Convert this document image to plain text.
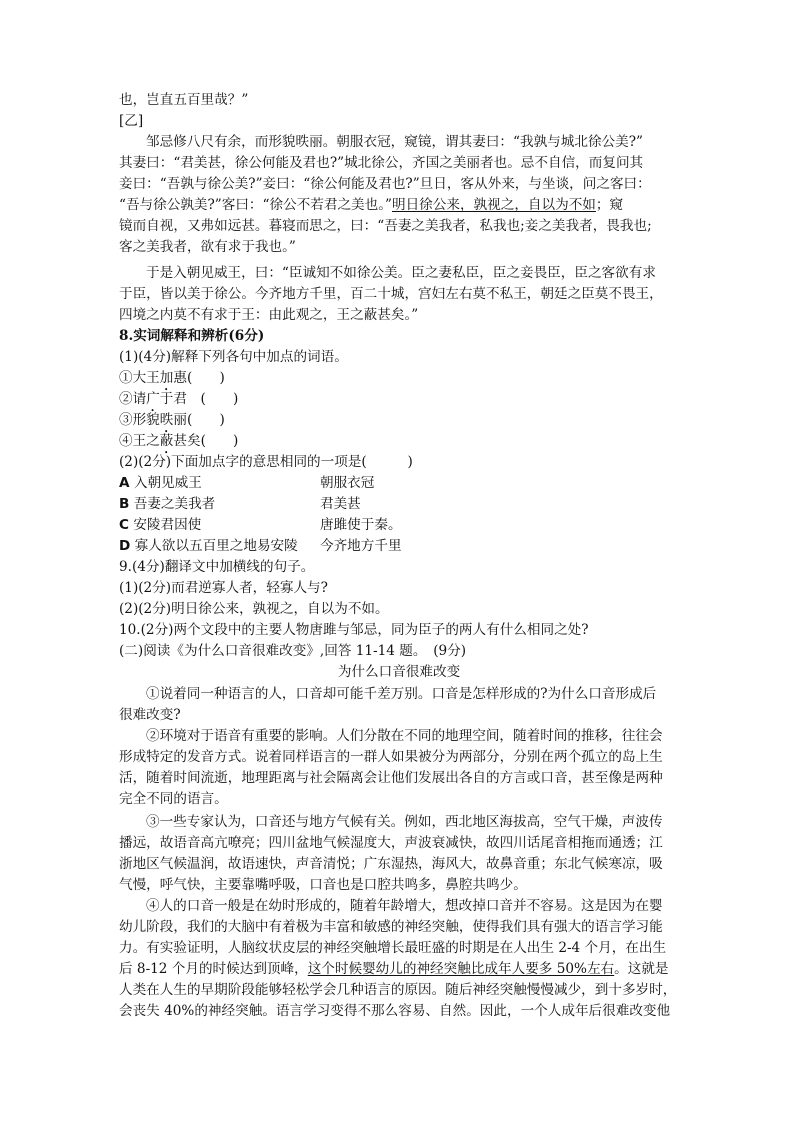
也，岂直五百里哉？”
[乙]
邹忌修八尺有余，而形貌昳丽。朝服衣冠，窥镜，谓其妻曰：“我孰与城北徐公美?”
其妻曰：“君美甚，徐公何能及君也?”城北徐公，齐国之美丽者也。忌不自信，而复问其
妾曰：“吾孰与徐公美?”妾曰：“徐公何能及君也?”旦日，客从外来，与坐谈，问之客曰：
“吾与徐公孰美?”客曰：“徐公不若君之美也。”明日徐公来，孰视之，自以为不如；窥
镜而自视，又弗如远甚。暮寝而思之，曰：“吾妻之美我者，私我也;妾之美我者，畏我也;
客之美我者，欲有求于我也。”
于是入朝见威王，曰：“臣诚知不如徐公美。臣之妻私臣，臣之妾畏臣，臣之客欲有求
于臣，皆以美于徐公。今齐地方千里，百二十城，宫妇左右莫不私王，朝廷之臣莫不畏王，
四境之内莫不有求于王：由此观之，王之蔽甚矣。”
8.实词解释和辨析(6分)
(1)(4分)解释下列各句中加点的词语。
①大王加惠(　　)
②请广于君　(　　)
③形貌昳丽(　　)
④王之蔽甚矣(　　)
(2)(2分)下面加点字的意思相同的一项是(　　　)
A 入朝见威王	朝服衣冠
B 吾妻之美我者	君美甚
C 安陵君因使	唐雎使于秦。
D 寡人欲以五百里之地易安陵	今齐地方千里
9.(4分)翻译文中加横线的句子。
(1)(2分)而君逆寡人者，轻寡人与?
(2)(2分)明日徐公来，孰视之，自以为不如。
10.(2分)两个文段中的主要人物唐雎与邹忌，同为臣子的两人有什么相同之处?
(二)阅读《为什么口音很难改变》,回答 11-14 题。　(9分)
为什么口音很难改变
①说着同一种语言的人，口音却可能千差万别。口音是怎样形成的?为什么口音形成后
很难改变?
②环境对于语音有重要的影响。人们分散在不同的地理空间，随着时间的推移，往往会
形成特定的发音方式。说着同样语言的一群人如果被分为两部分，分别在两个孤立的岛上生
活，随着时间流逝，地理距离与社会隔离会让他们发展出各自的方言或口音，甚至像是两种
完全不同的语言。
③一些专家认为，口音还与地方气候有关。例如，西北地区海拔高，空气干燥，声波传
播远，故语音高亢嘹亮；四川盆地气候湿度大，声波衰减快，故四川话尾音相拖而通透；江
浙地区气候温润，故语速快，声音清悦；广东湿热，海风大，故鼻音重；东北气候寒凉，吸
气慢，呼气快，主要靠嘴呼吸，口音也是口腔共鸣多，鼻腔共鸣少。
④人的口音一般是在幼时形成的，随着年龄增大，想改掉口音并不容易。这是因为在婴
幼儿阶段，我们的大脑中有着极为丰富和敏感的神经突触，使得我们具有强大的语言学习能
力。有实验证明，人脑纹状皮层的神经突触增长最旺盛的时期是在人出生 2-4 个月，在出生
后 8-12 个月的时候达到顶峰，这个时候婴幼儿的神经突触比成年人要多 50%左右。这就是
人类在人生的早期阶段能够轻松学会几种语言的原因。随后神经突触慢慢减少，到十多岁时，
会丧失 40%的神经突触。语言学习变得不那么容易、自然。因此，一个人成年后很难改变他
